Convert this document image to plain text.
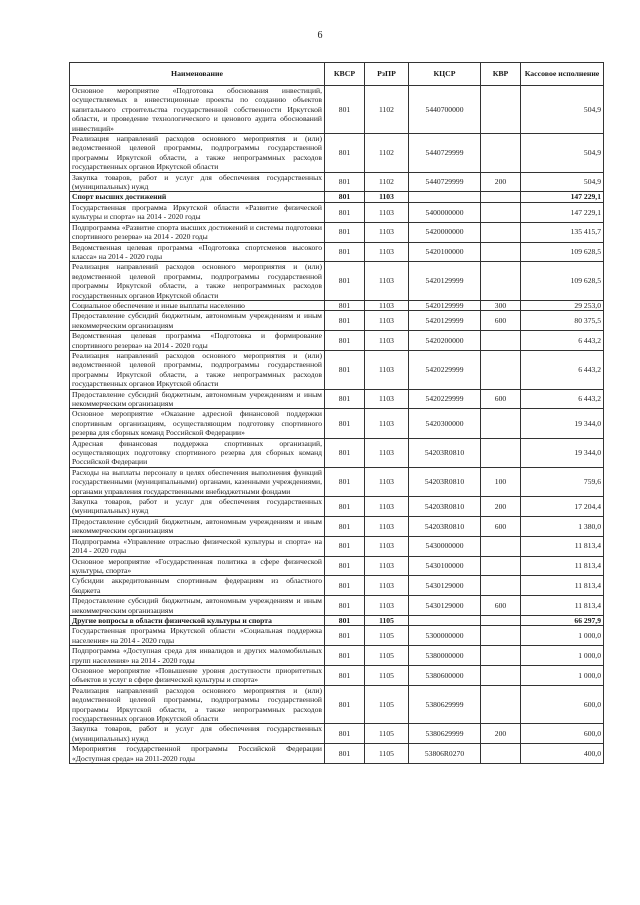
6
Наименование	КВСР	РзПР	КЦСР	КВР	Кассовое исполнение
Основное мероприятие «Подготовка обоснования инвестиций, осуществляемых в инвестиционные проекты по созданию объектов капитального строительства государственной собственности Иркутской области, и проведение технологического и ценового аудита обоснований инвестиций»	801	1102	5440700000		504,9
Реализация направлений расходов основного мероприятия и (или) ведомственной целевой программы, подпрограммы государственной программы Иркутской области, а также непрограммных расходов государственных органов Иркутской области	801	1102	5440729999		504,9
Закупка товаров, работ и услуг для обеспечения государственных (муниципальных) нужд	801	1102	5440729999	200	504,9
Спорт высших достижений	801	1103			147 229,1
Государственная программа Иркутской области «Развитие физической культуры и спорта» на 2014 - 2020 годы	801	1103	5400000000		147 229,1
Подпрограмма «Развитие спорта высших достижений и системы подготовки спортивного резерва» на 2014 - 2020 годы	801	1103	5420000000		135 415,7
Ведомственная целевая программа «Подготовка спортсменов высокого класса» на 2014 - 2020 годы	801	1103	5420100000		109 628,5
Реализация направлений расходов основного мероприятия и (или) ведомственной целевой программы, подпрограммы государственной программы Иркутской области, а также непрограммных расходов государственных органов Иркутской области	801	1103	5420129999		109 628,5
Социальное обеспечение и иные выплаты населению	801	1103	5420129999	300	29 253,0
Предоставление субсидий бюджетным, автономным учреждениям и иным некоммерческим организациям	801	1103	5420129999	600	80 375,5
Ведомственная целевая программа «Подготовка и формирование спортивного резерва» на 2014 - 2020 годы	801	1103	5420200000		6 443,2
Реализация направлений расходов основного мероприятия и (или) ведомственной целевой программы, подпрограммы государственной программы Иркутской области, а также непрограммных расходов государственных органов Иркутской области	801	1103	5420229999		6 443,2
Предоставление субсидий бюджетным, автономным учреждениям и иным некоммерческим организациям	801	1103	5420229999	600	6 443,2
Основное мероприятие «Оказание адресной финансовой поддержки спортивным организациям, осуществляющим подготовку спортивного резерва для сборных команд Российской Федерации»	801	1103	5420300000		19 344,0
Адресная финансовая поддержка спортивных организаций, осуществляющих подготовку спортивного резерва для сборных команд Российской Федерации	801	1103	54203R0810		19 344,0
Расходы на выплаты персоналу в целях обеспечения выполнения функций государственными (муниципальными) органами, казенными учреждениями, органами управления государственными внебюджетными фондами	801	1103	54203R0810	100	759,6
Закупка товаров, работ и услуг для обеспечения государственных (муниципальных) нужд	801	1103	54203R0810	200	17 204,4
Предоставление субсидий бюджетным, автономным учреждениям и иным некоммерческим организациям	801	1103	54203R0810	600	1 380,0
Подпрограмма «Управление отраслью физической культуры и спорта» на 2014 - 2020 годы	801	1103	5430000000		11 813,4
Основное мероприятие «Государственная политика в сфере физической культуры, спорта»	801	1103	5430100000		11 813,4
Субсидии аккредитованным спортивным федерациям из областного бюджета	801	1103	5430129000		11 813,4
Предоставление субсидий бюджетным, автономным учреждениям и иным некоммерческим организациям	801	1103	5430129000	600	11 813,4
Другие вопросы в области физической культуры и спорта	801	1105			66 297,9
Государственная программа Иркутской области «Социальная поддержка населения» на 2014 - 2020 годы	801	1105	5300000000		1 000,0
Подпрограмма «Доступная среда для инвалидов и других маломобильных групп населения» на 2014 - 2020 годы	801	1105	5380000000		1 000,0
Основное мероприятие «Повышение уровня доступности приоритетных объектов и услуг в сфере физической культуры и спорта»	801	1105	5380600000		1 000,0
Реализация направлений расходов основного мероприятия и (или) ведомственной целевой программы, подпрограммы государственной программы Иркутской области, а также непрограммных расходов государственных органов Иркутской области	801	1105	5380629999		600,0
Закупка товаров, работ и услуг для обеспечения государственных (муниципальных) нужд	801	1105	5380629999	200	600,0
Мероприятия государственной программы Российской Федерации «Доступная среда» на 2011-2020 годы	801	1105	53806R0270		400,0
